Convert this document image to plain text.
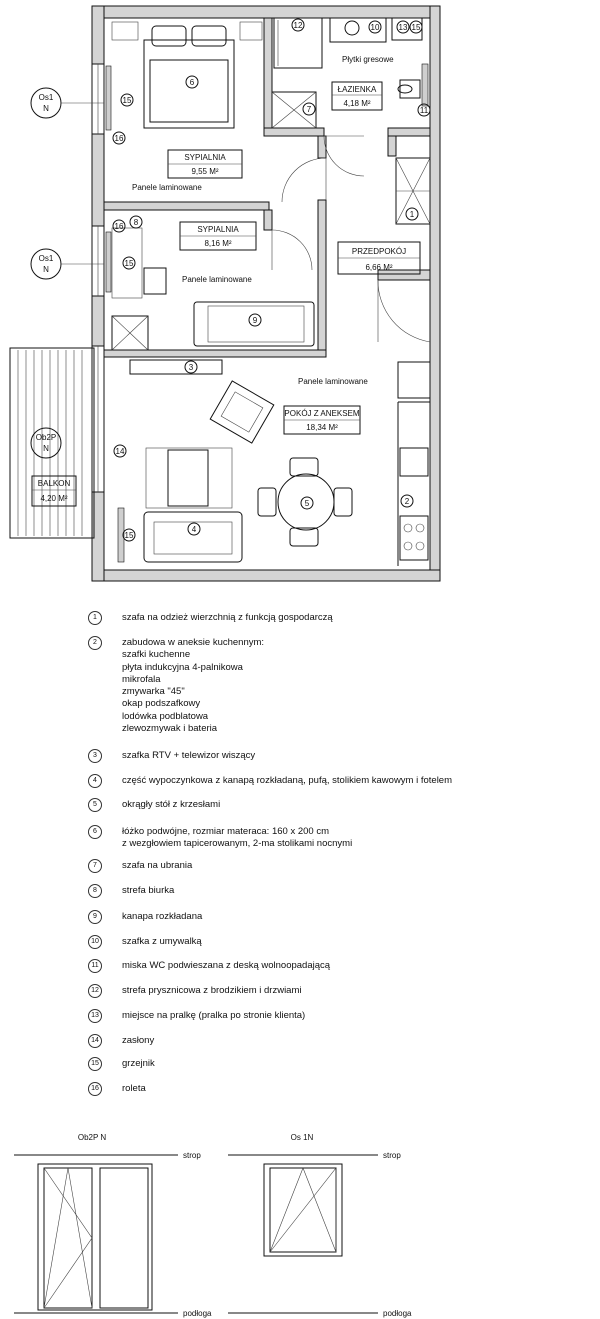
SYPIALNIA
9,55 M²
SYPIALNIA
8,16 M²
ŁAZIENKA
4,18 M²
PRZEDPOKÓJ
6,66 M²
POKÓJ Z ANEKSEM
18,34 M²
BALKON
4,20 M²
Panele laminowane
Panele laminowane
Panele laminowane
Płytki gresowe
Os1
N
Os1
N
Ob2P
N
6
12	10 13 15
11
7
15
16
16 8
15
1
9
3
14
5	2
4
15
Ob2P N
strop
podłoga
Os 1N
strop
podłoga
1	szafa na odzież wierzchnią z funkcją gospodarczą
2	zabudowa w aneksie kuchennym:
szafki kuchenne
płyta indukcyjna 4-palnikowa
mikrofala
zmywarka "45"
okap podszafkowy
lodówka podblatowa
zlewozmywak i bateria
3	szafka RTV + telewizor wiszący
4	część wypoczynkowa z kanapą rozkładaną, pufą, stolikiem kawowym i fotelem
5	okrągły stół z krzesłami
6	łóżko podwójne, rozmiar materaca: 160 x 200 cm
z wezgłowiem tapicerowanym, 2-ma stolikami nocnymi
7	szafa na ubrania
8	strefa biurka
9	kanapa rozkładana
10	szafka z umywalką
11	miska WC podwieszana z deską wolnoopadającą
12	strefa prysznicowa z brodzikiem i drzwiami
13	miejsce na pralkę (pralka po stronie klienta)
14	zasłony
15	grzejnik
16	roleta
